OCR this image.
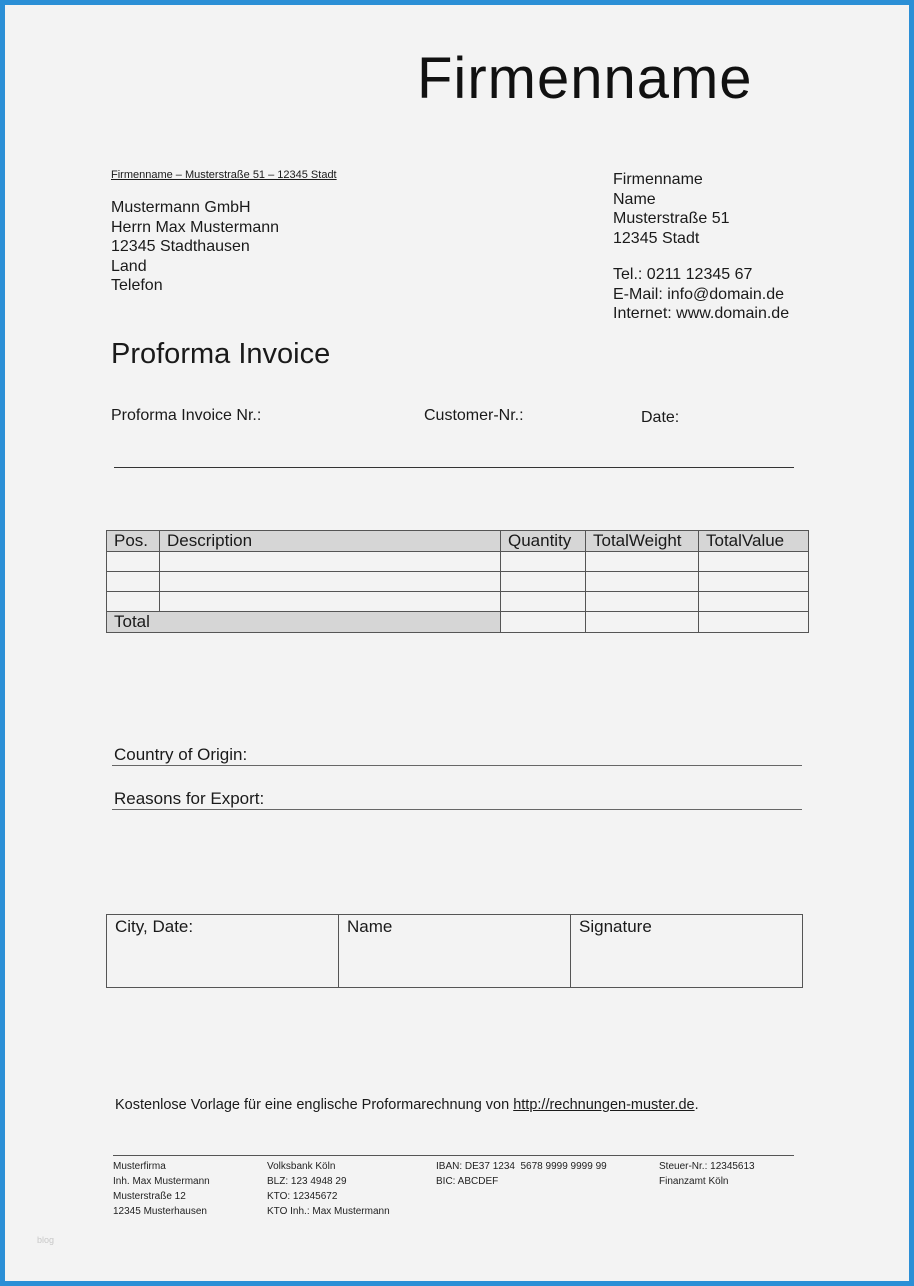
Firmenname
Firmenname – Musterstraße 51 – 12345 Stadt
Mustermann GmbH
Herrn Max Mustermann
12345 Stadthausen
Land
Telefon
Firmenname
Name
Musterstraße 51
12345 Stadt
Tel.: 0211 12345 67
E-Mail: info@domain.de
Internet: www.domain.de
Proforma Invoice
Proforma Invoice Nr.:	Customer-Nr.:	Date:
Pos.	Description	Quantity	TotalWeight	TotalValue

Total				
Country of Origin:
Reasons for Export:
City, Date:	Name	Signature
Kostenlose Vorlage für eine englische Proformarechnung von http://rechnungen-muster.de.
Musterfirma
Inh. Max Mustermann
Musterstraße 12
12345 Musterhausen
Volksbank Köln
BLZ: 123 4948 29
KTO: 12345672
KTO Inh.: Max Mustermann
IBAN: DE37 1234  5678 9999 9999 99
BIC: ABCDEF
Steuer-Nr.: 12345613
Finanzamt Köln
blog
